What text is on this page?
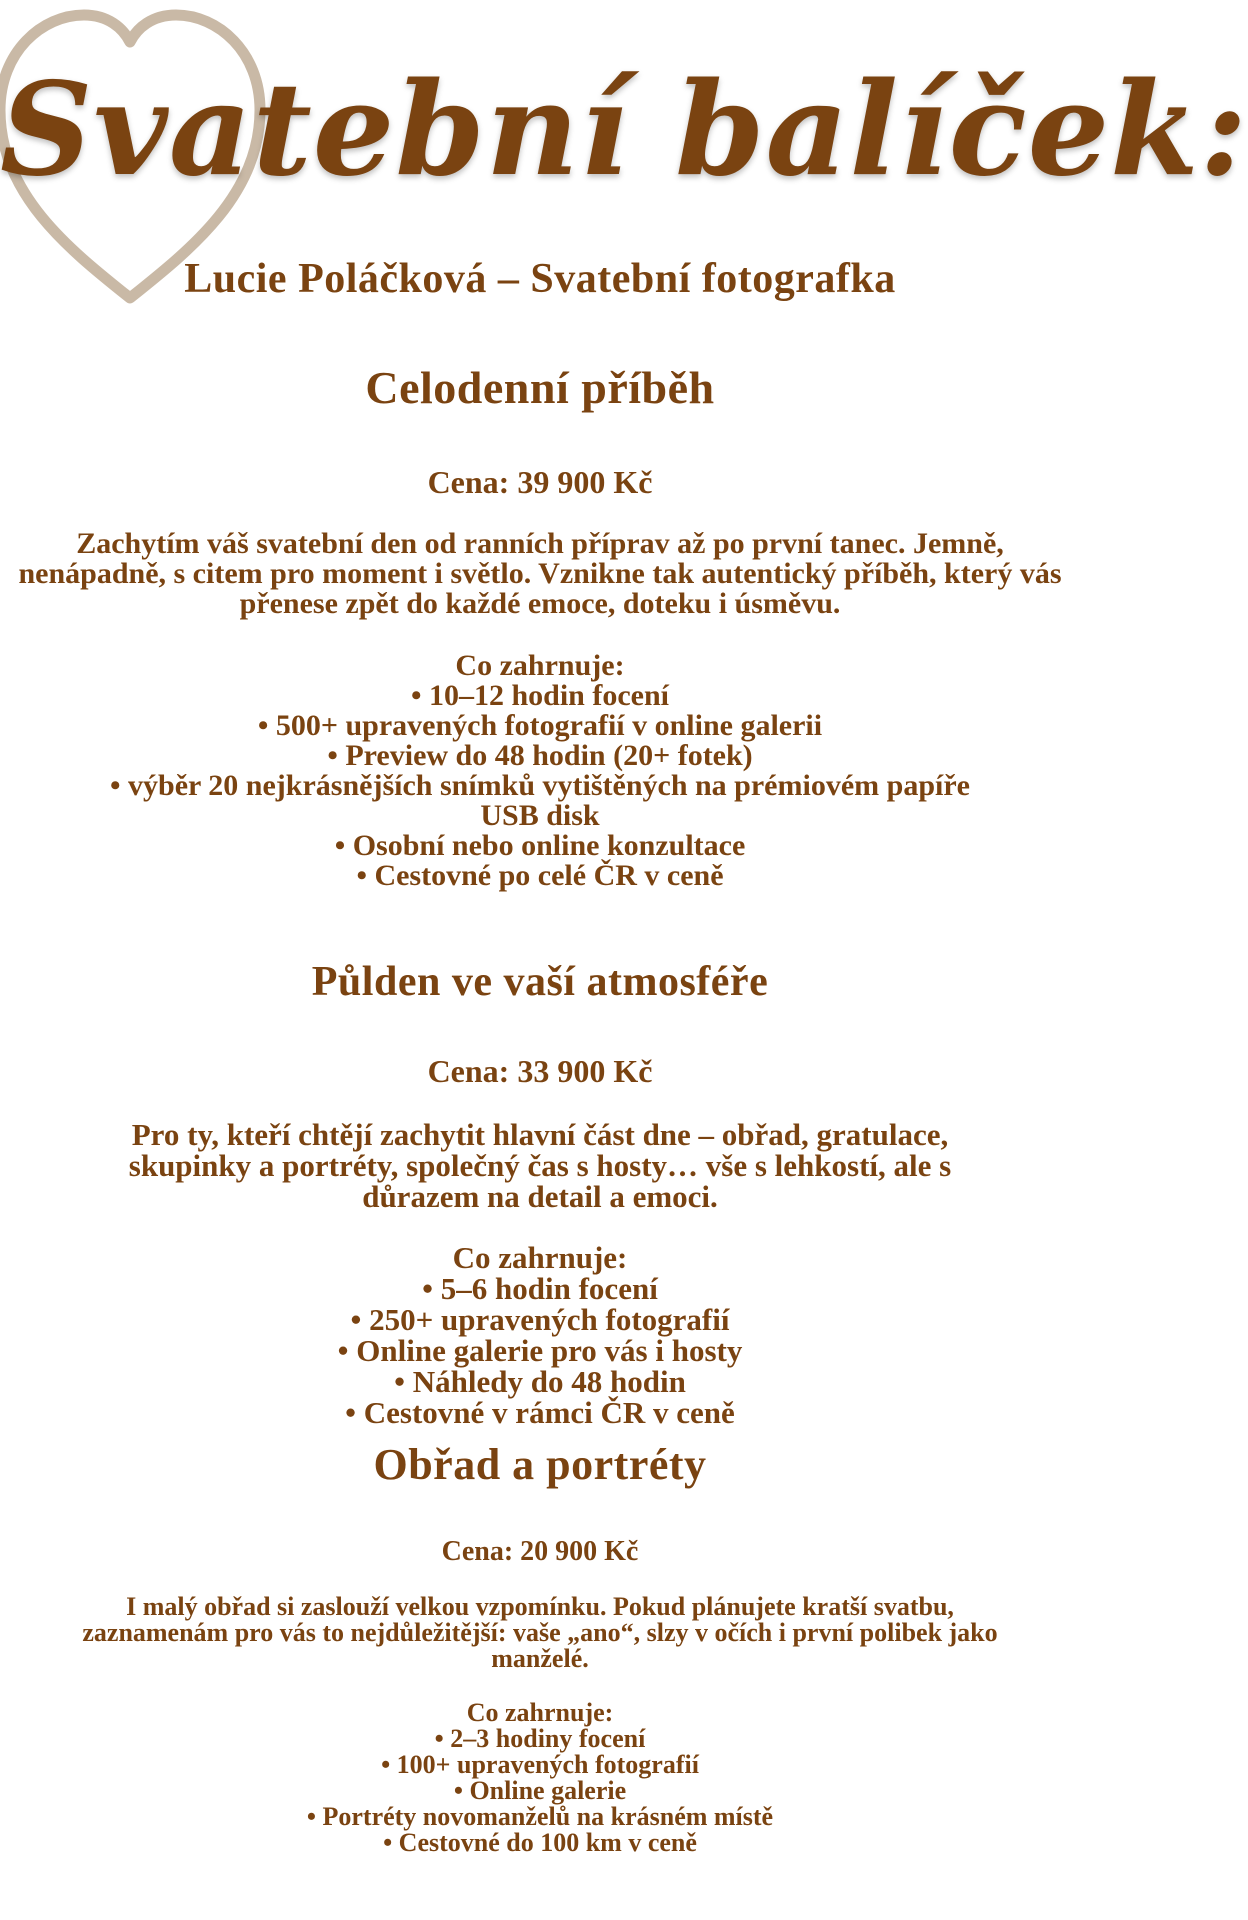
Svatební balíček:
Lucie Poláčková – Svatební fotografka
Celodenní příběh

Cena: 39 900 Kč

Zachytím váš svatební den od ranních příprav až po první tanec. Jemně, nenápadně, s citem pro moment i světlo. Vznikne tak autentický příběh, který vás přenese zpět do každé emoce, doteku i úsměvu.

Co zahrnuje:
• 10–12 hodin focení
• 500+ upravených fotografií v online galerii
• Preview do 48 hodin (20+ fotek)
• výběr 20 nejkrásnějších snímků vytištěných na prémiovém papíře
USB disk
• Osobní nebo online konzultace
• Cestovné po celé ČR v ceně
Půlden ve vaší atmosféře

Cena: 33 900 Kč

Pro ty, kteří chtějí zachytit hlavní část dne – obřad, gratulace, skupinky a portréty, společný čas s hosty… vše s lehkostí, ale s důrazem na detail a emoci.

Co zahrnuje:
• 5–6 hodin focení
• 250+ upravených fotografií
• Online galerie pro vás i hosty
• Náhledy do 48 hodin
• Cestovné v rámci ČR v ceně
Obřad a portréty

Cena: 20 900 Kč

I malý obřad si zaslouží velkou vzpomínku. Pokud plánujete kratší svatbu, zaznamenám pro vás to nejdůležitější: vaše „ano“, slzy v očích i první polibek jako manželé.

Co zahrnuje:
• 2–3 hodiny focení
• 100+ upravených fotografií
• Online galerie
• Portréty novomanželů na krásném místě
• Cestovné do 100 km v ceně
